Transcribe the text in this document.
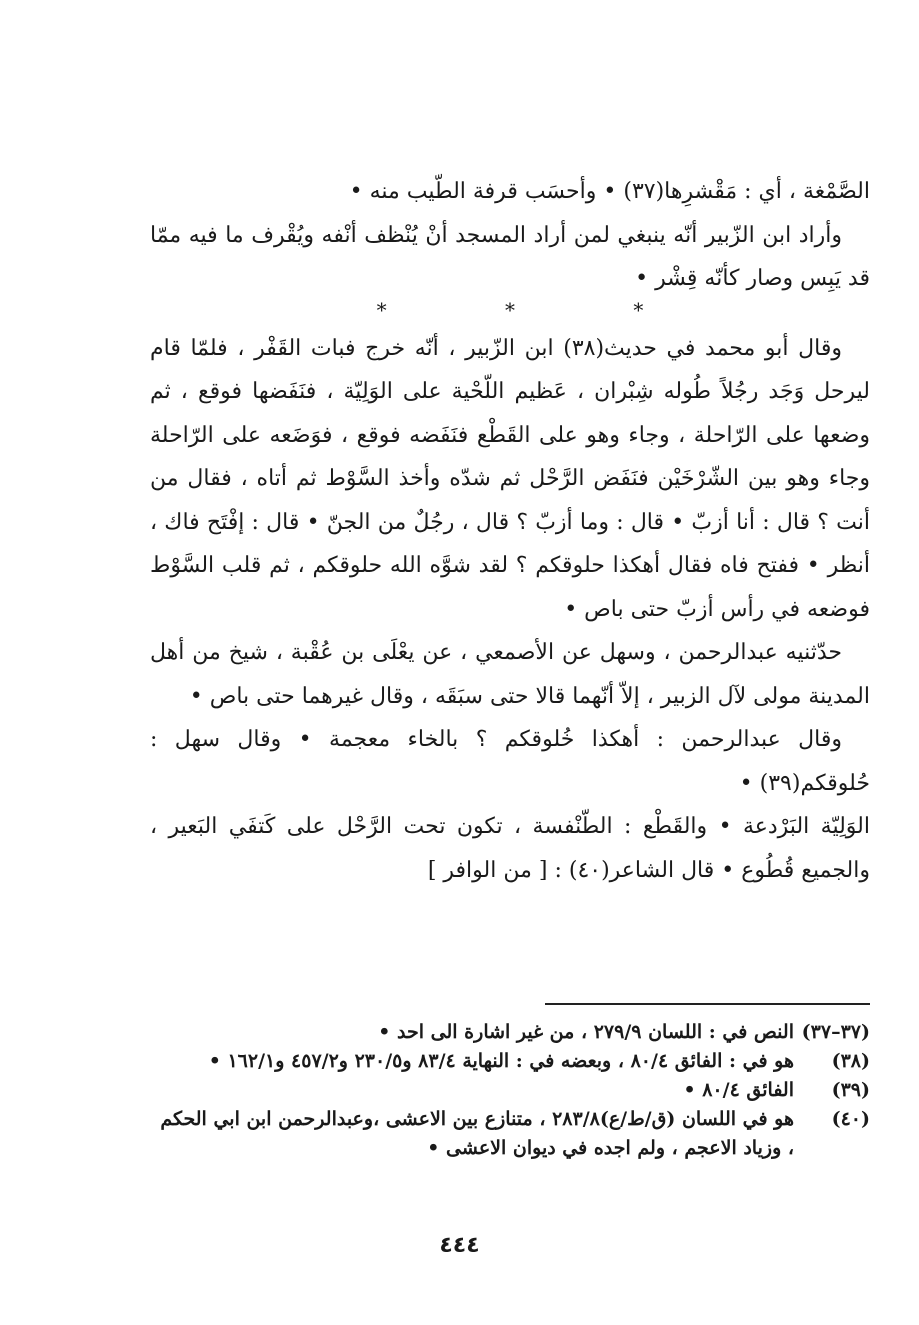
الصَّمْغة ، أي : مَقْشرِها(٣٧) • وأحسَب قرفة الطّيب منه •

وأراد ابن الزّبير أنّه ينبغي لمن أراد المسجد أنْ يُنْظف أنْفه ويُقْرف ما فيه ممّا قد يَبِس وصار كأنّه قِشْر •

* * *

وقال أبو محمد في حديث(٣٨) ابن الزّبير ، أنّه خرج فبات القَفْر ، فلمّا قام ليرحل وَجَد رجُلاً طُوله شِبْران ، عَظيم اللّحْية على الوَلِيّة ، فنَفَضها فوقع ، ثم وضعها على الرّاحلة ، وجاء وهو على القَطْع فنَفَضه فوقع ، فوَضَعه على الرّاحلة وجاء وهو بين الشّرْخَيْن فنَفَض الرَّحْل ثم شدّه وأخذ السَّوْط ثم أتاه ، فقال من أنت ؟ قال : أنا أزبّ • قال : وما أزبّ ؟ قال ، رجُلٌ من الجنّ • قال : إفْتَح فاك ، أنظر • ففتح فاه فقال أهكذا حلوقكم ؟ لقد شوَّه الله حلوقكم ، ثم قلب السَّوْط فوضعه في رأس أزبّ حتى باص •

حدّثنيه عبدالرحمن ، وسهل عن الأصمعي ، عن يعْلَى بن عُقْبة ، شيخ من أهل المدينة مولى لآل الزبير ، إلاّ أنّهما قالا حتى سبَقَه ، وقال غيرهما حتى باص •

وقال عبدالرحمن : أهكذا خُلوقكم ؟ بالخاء معجمة • وقال سهل : حُلوقكم(٣٩) •

الوَلِيّة البَرْدعة • والقَطْع : الطّنْفسة ، تكون تحت الرَّحْل على كَتفَي البَعير ، والجميع قُطُوع • قال الشاعر(٤٠) : [ من الوافر ]

(٣٧–٣٧)
النص في : اللسان ٢٧٩/٩ ، من غير اشارة الى احد •
(٣٨)
هو في : الفائق ٨٠/٤ ، وبعضه في : النهاية ٨٣/٤ و٢٣٠/٥ و٤٥٧/٢ و١٦٢/١ •
(٣٩)
الفائق ٨٠/٤ •
(٤٠)
هو في اللسان (ق/ط/ع)٢٨٣/٨ ، متنازع بين الاعشى ،وعبدالرحمن ابن ابي الحكم ، وزياد الاعجم ، ولم اجده في ديوان الاعشى •
٤٤٤
